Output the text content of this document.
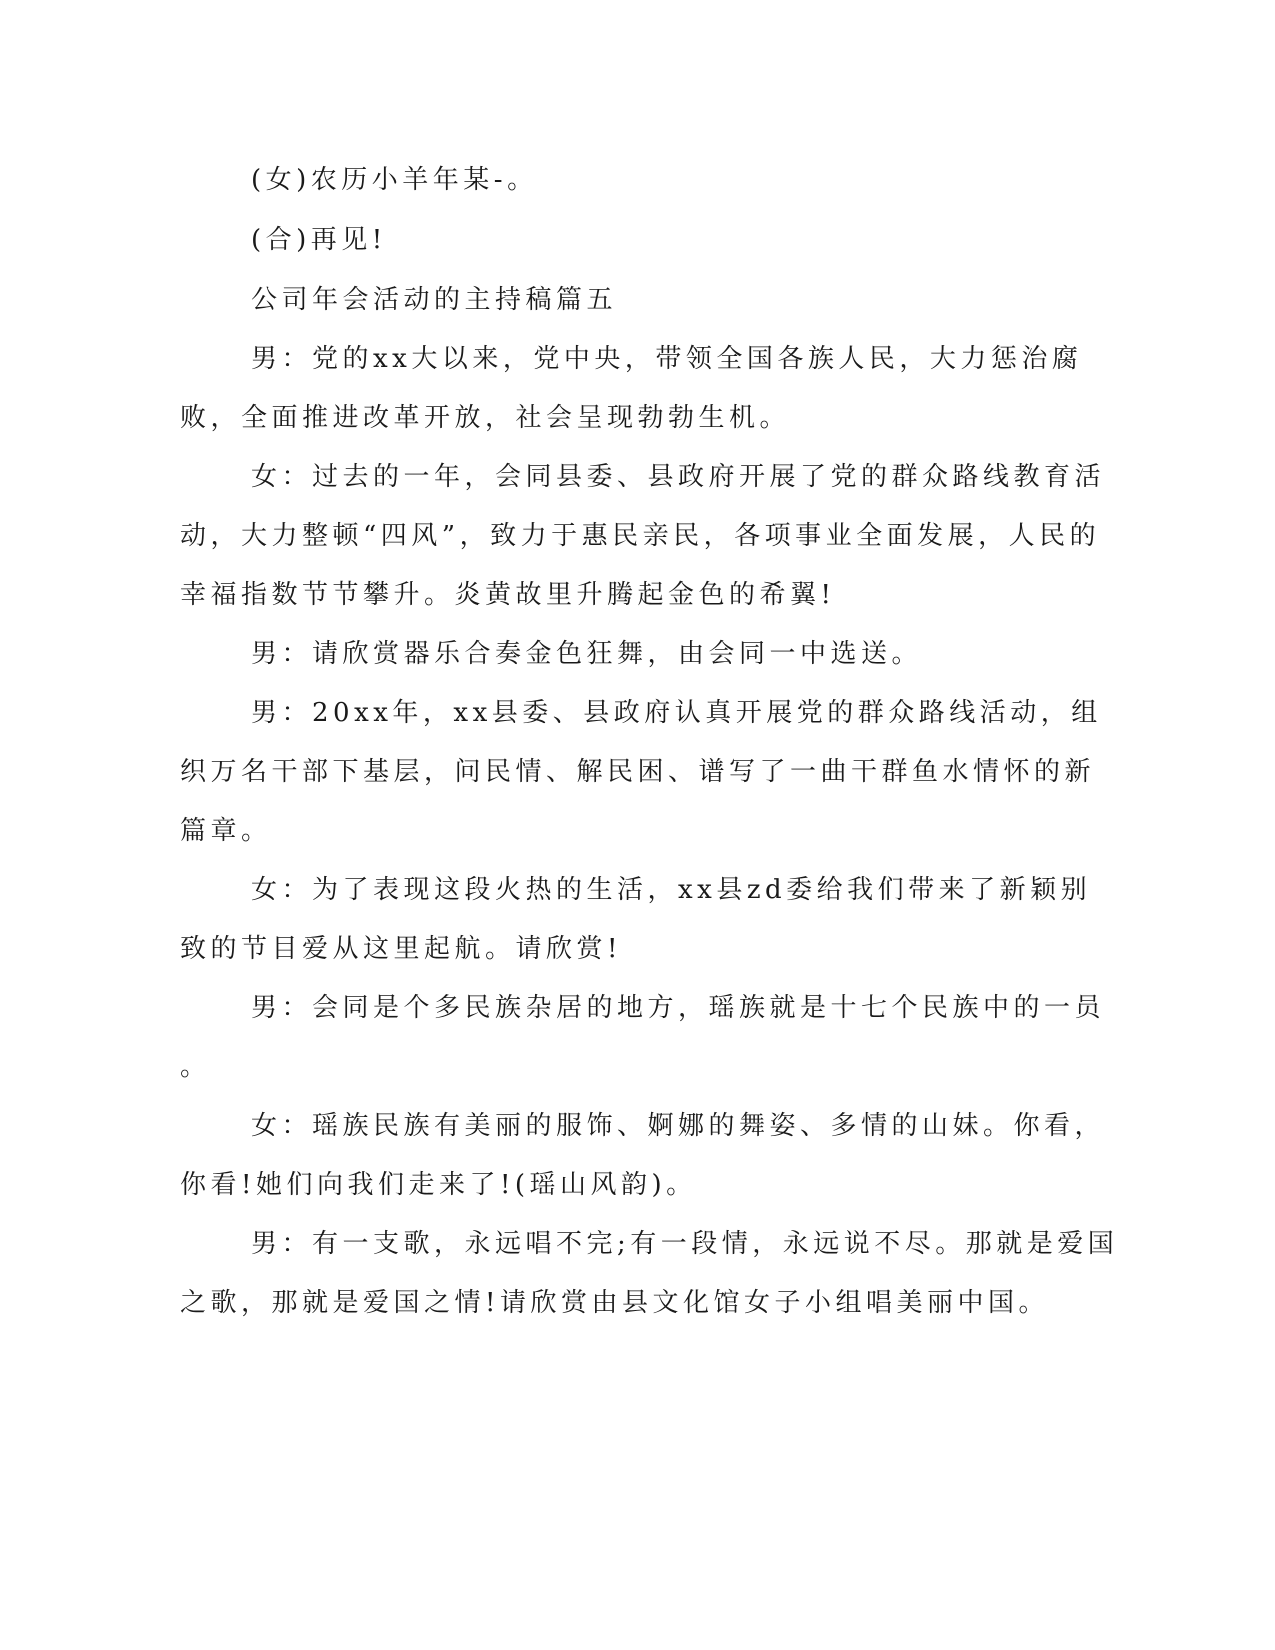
(女)农历小羊年某-。

(合)再见!

公司年会活动的主持稿篇五

男：党的xx大以来，党中央，带领全国各族人民，大力惩治腐

败，全面推进改革开放，社会呈现勃勃生机。

女：过去的一年，会同县委、县政府开展了党的群众路线教育活

动，大力整顿“四风”，致力于惠民亲民，各项事业全面发展，人民的

幸福指数节节攀升。炎黄故里升腾起金色的希翼!

男：请欣赏器乐合奏金色狂舞，由会同一中选送。

男：20xx年，xx县委、县政府认真开展党的群众路线活动，组

织万名干部下基层，问民情、解民困、谱写了一曲干群鱼水情怀的新

篇章。

女：为了表现这段火热的生活，xx县zd委给我们带来了新颖别

致的节目爱从这里起航。请欣赏!

男：会同是个多民族杂居的地方，瑶族就是十七个民族中的一员

。

女：瑶族民族有美丽的服饰、婀娜的舞姿、多情的山妹。你看，

你看!她们向我们走来了!(瑶山风韵)。

男：有一支歌，永远唱不完;有一段情，永远说不尽。那就是爱国

之歌，那就是爱国之情!请欣赏由县文化馆女子小组唱美丽中国。
